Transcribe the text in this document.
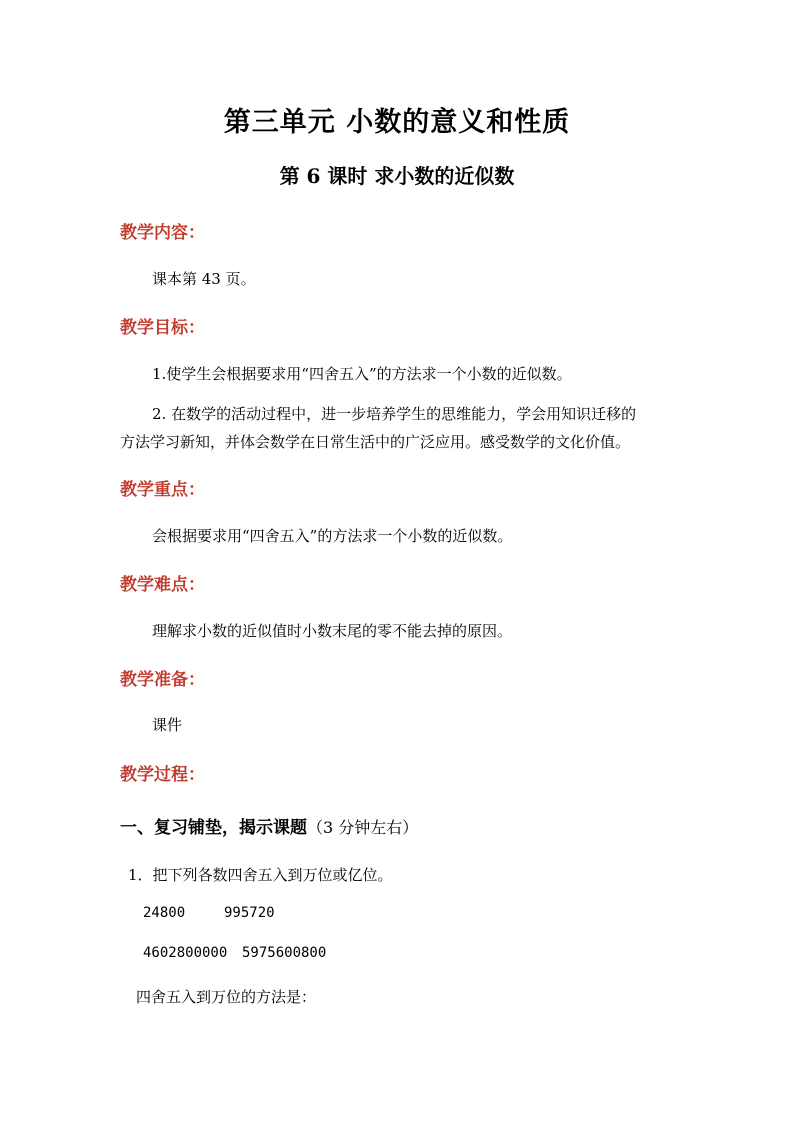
第三单元 小数的意义和性质
第 6 课时 求小数的近似数
教学内容：
课本第 43 页。
教学目标：
1.使学生会根据要求用“四舍五入”的方法求一个小数的近似数。
2. 在数学的活动过程中，进一步培养学生的思维能力，学会用知识迁移的
方法学习新知，并体会数学在日常生活中的广泛应用。感受数学的文化价值。
教学重点：
会根据要求用“四舍五入”的方法求一个小数的近似数。
教学难点：
理解求小数的近似值时小数末尾的零不能去掉的原因。
教学准备：
课件
教学过程：
一、复习铺垫，揭示课题（3 分钟左右）
1．把下列各数四舍五入到万位或亿位。
24800	995720
4602800000 5975600800
四舍五入到万位的方法是：
